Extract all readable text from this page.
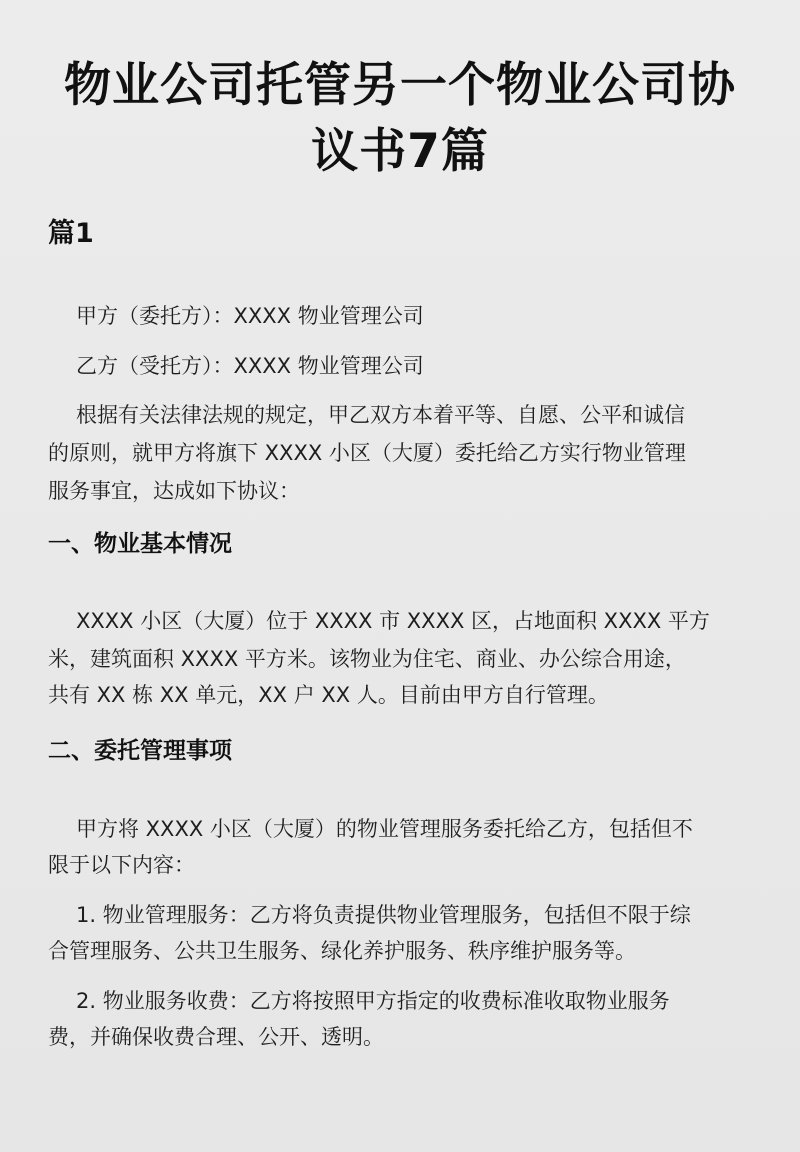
物业公司托管另一个物业公司协
议书7篇
篇1
甲方（委托方）：XXXX 物业管理公司
乙方（受托方）：XXXX 物业管理公司
根据有关法律法规的规定，甲乙双方本着平等、自愿、公平和诚信
的原则，就甲方将旗下 XXXX 小区（大厦）委托给乙方实行物业管理
服务事宜，达成如下协议：
一、物业基本情况
XXXX 小区（大厦）位于 XXXX 市 XXXX 区，占地面积 XXXX 平方
米，建筑面积 XXXX 平方米。该物业为住宅、商业、办公综合用途，
共有 XX 栋 XX 单元，XX 户 XX 人。目前由甲方自行管理。
二、委托管理事项
甲方将 XXXX 小区（大厦）的物业管理服务委托给乙方，包括但不
限于以下内容：
1. 物业管理服务：乙方将负责提供物业管理服务，包括但不限于综
合管理服务、公共卫生服务、绿化养护服务、秩序维护服务等。
2. 物业服务收费：乙方将按照甲方指定的收费标准收取物业服务
费，并确保收费合理、公开、透明。
